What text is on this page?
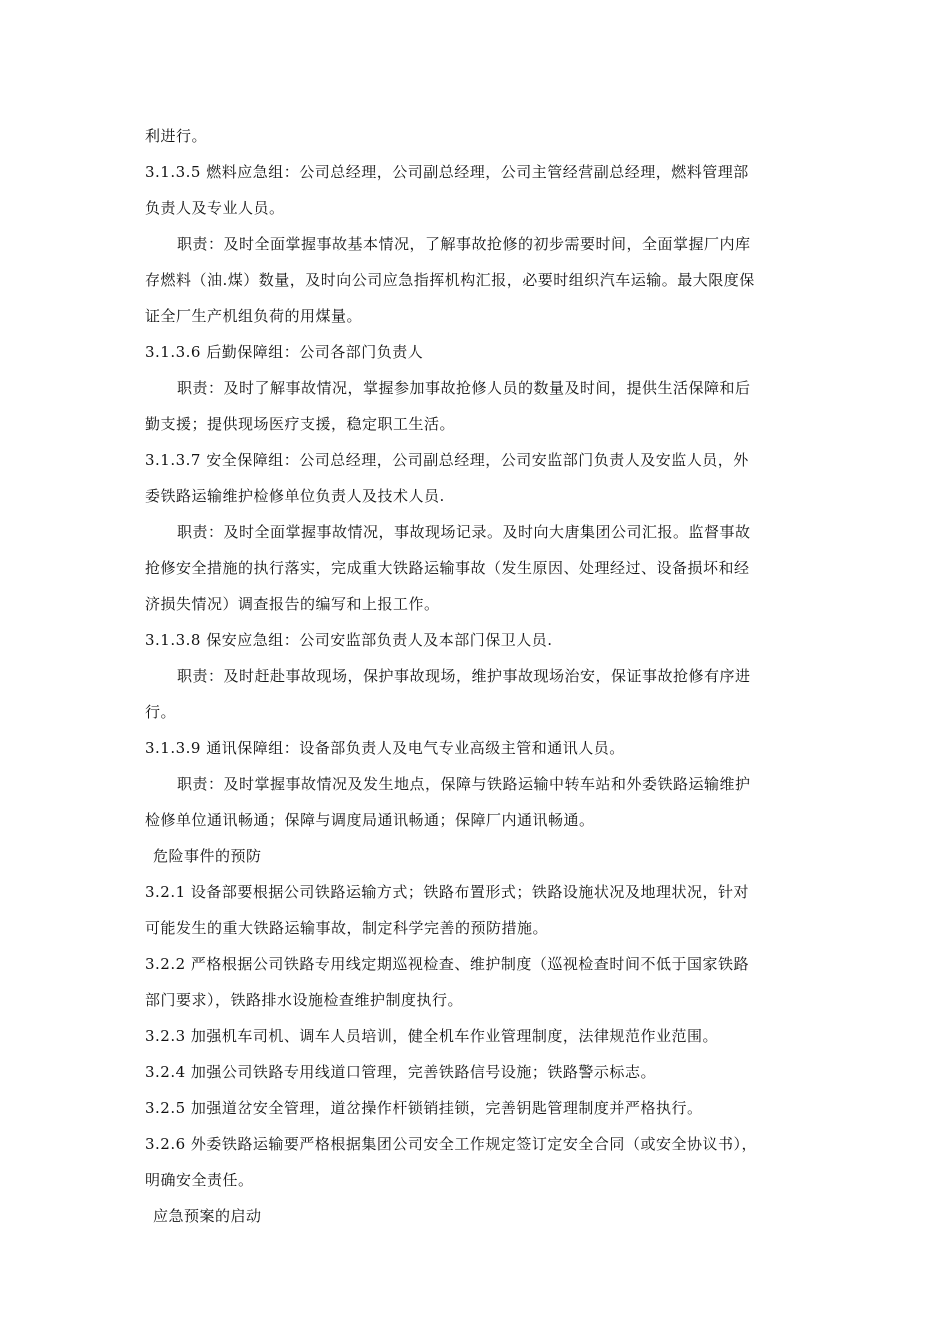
利进行。
3.1.3.5 燃料应急组：公司总经理，公司副总经理，公司主管经营副总经理，燃料管理部
负责人及专业人员。
职责：及时全面掌握事故基本情况，了解事故抢修的初步需要时间，全面掌握厂内库
存燃料（油.煤）数量，及时向公司应急指挥机构汇报，必要时组织汽车运输。最大限度保
证全厂生产机组负荷的用煤量。
3.1.3.6 后勤保障组：公司各部门负责人
职责：及时了解事故情况，掌握参加事故抢修人员的数量及时间，提供生活保障和后
勤支援；提供现场医疗支援，稳定职工生活。
3.1.3.7 安全保障组：公司总经理，公司副总经理，公司安监部门负责人及安监人员，外
委铁路运输维护检修单位负责人及技术人员.
职责：及时全面掌握事故情况，事故现场记录。及时向大唐集团公司汇报。监督事故
抢修安全措施的执行落实，完成重大铁路运输事故（发生原因、处理经过、设备损坏和经
济损失情况）调查报告的编写和上报工作。
3.1.3.8 保安应急组：公司安监部负责人及本部门保卫人员.
职责：及时赶赴事故现场，保护事故现场，维护事故现场治安，保证事故抢修有序进
行。
3.1.3.9 通讯保障组：设备部负责人及电气专业高级主管和通讯人员。
职责：及时掌握事故情况及发生地点，保障与铁路运输中转车站和外委铁路运输维护
检修单位通讯畅通；保障与调度局通讯畅通；保障厂内通讯畅通。
危险事件的预防
3.2.1 设备部要根据公司铁路运输方式；铁路布置形式；铁路设施状况及地理状况，针对
可能发生的重大铁路运输事故，制定科学完善的预防措施。
3.2.2 严格根据公司铁路专用线定期巡视检查、维护制度（巡视检查时间不低于国家铁路
部门要求），铁路排水设施检查维护制度执行。
3.2.3 加强机车司机、调车人员培训，健全机车作业管理制度，法律规范作业范围。
3.2.4 加强公司铁路专用线道口管理，完善铁路信号设施；铁路警示标志。
3.2.5 加强道岔安全管理，道岔操作杆锁销挂锁，完善钥匙管理制度并严格执行。
3.2.6 外委铁路运输要严格根据集团公司安全工作规定签订定安全合同（或安全协议书），
明确安全责任。
应急预案的启动
